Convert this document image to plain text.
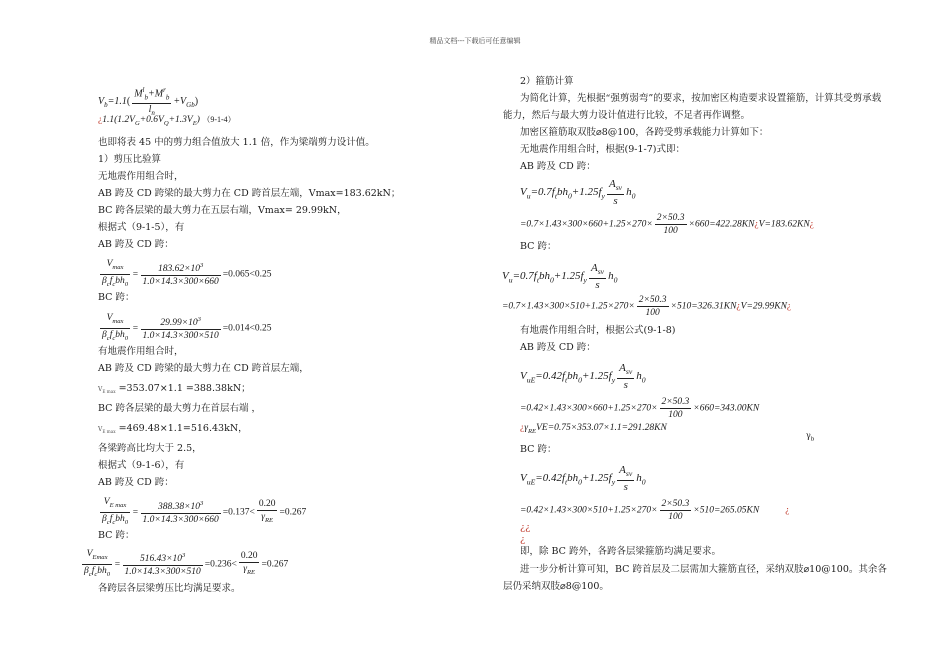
精品文档---下载后可任意编辑
$V_b=1.1( \frac{M^l_b+M^r_b}{l_n} +V_{Gb})$
¿$1.1(1.2V_G+0.6V_Q+1.3V_E)$ （9-1-4）
也即将表 45 中的剪力组合值放大 1.1 倍，作为梁端剪力设计值。
1）剪压比验算
无地震作用组合时，
AB 跨及 CD 跨梁的最大剪力在 CD 跨首层左端，Vmax=183.62kN；
BC 跨各层梁的最大剪力在五层右端，Vmax= 29.99kN，
根据式（9-1-5），有
AB 跨及 CD 跨：
$\frac{V_{max}}{\beta_cf_cbh_0} = \frac{183.62\times 10^3}{1.0\times 14.3\times 300\times 660} =0.065<0.25$
BC 跨：
$\frac{V_{max}}{\beta_cf_cbh_0} = \frac{29.99\times 10^3}{1.0\times 14.3\times 300\times 510} =0.014<0.25$
有地震作用组合时，
AB 跨及 CD 跨梁的最大剪力在 CD 跨首层左端，
$V_{E max} =353.07\times 1.1 =388.38kN$；
BC 跨各层梁的最大剪力在首层右端 ，
$V_{E max} =469.48\times 1.1=516.43kN$，
各梁跨高比均大于 2.5，
根据式（9-1-6），有
AB 跨及 CD 跨：
$\frac{V_{E max}}{\beta_cf_cbh_0} = \frac{388.38\times 10^3}{1.0\times 14.3\times 300\times 660} =0.137< \frac{0.20}{\gamma_{RE}} =0.267$
BC 跨：
$\frac{V_{Emax}}{\beta_cf_cbh_0} = \frac{516.43\times 10^3}{1.0\times 14.3\times 300\times 510} =0.236< \frac{0.20}{\gamma_{RE}} =0.267$
各跨层各层梁剪压比均满足要求。
2）箍筋计算
为简化计算，先根据“强剪弱弯”的要求，按加密区构造要求设置箍筋，计算其受剪承载
能力，然后与最大剪力设计值进行比较，不足者再作调整。
加密区箍筋取双肢⌀8@100，各跨受剪承载能力计算如下：
无地震作用组合时，根据(9-1-7)式即：
AB 跨及 CD 跨：
$V_u=0.7f_tbh_0+1.25f_y \frac{A_{sv}}{s} h_0$
$=0.7\times 1.43\times 300\times 660+1.25\times 270\times \frac{2\times 50.3}{100}$ ×660=422.28KN¿V=183.62KN¿
BC 跨：
$V_u=0.7f_tbh_0+1.25f_y \frac{A_{sv}}{s} h_0$
$=0.7\times 1.43\times 300\times 510+1.25\times 270\times \frac{2\times 50.3}{100}$ ×510=326.31KN¿V=29.99KN¿
有地震作用组合时，根据公式(9-1-8)
AB 跨及 CD 跨：
$V_{uE}=0.42f_tbh_0+1.25f_y \frac{A_{sv}}{s} h_0$
$=0.42\times 1.43\times 300\times 660+1.25\times 270\times \frac{2\times 50.3}{100} \times 660=343.00KN$
¿$\gamma_{RE}VE=0.75\times 353.07\times 1.1=291.28KN$
$\gamma_b$
BC 跨：
$V_{uE}=0.42f_tbh_0+1.25f_y \frac{A_{sv}}{s} h_0$
$=0.42\times 1.43\times 300\times 510+1.25\times 270\times \frac{2\times 50.3}{100} \times 510=265.05KN$           ¿
¿¿
¿
即，除 BC 跨外，各跨各层梁箍筋均满足要求。
进一步分析计算可知，BC 跨首层及二层需加大箍筋直径，采纳双肢⌀10@100。其余各
层仍采纳双肢⌀8@100。
